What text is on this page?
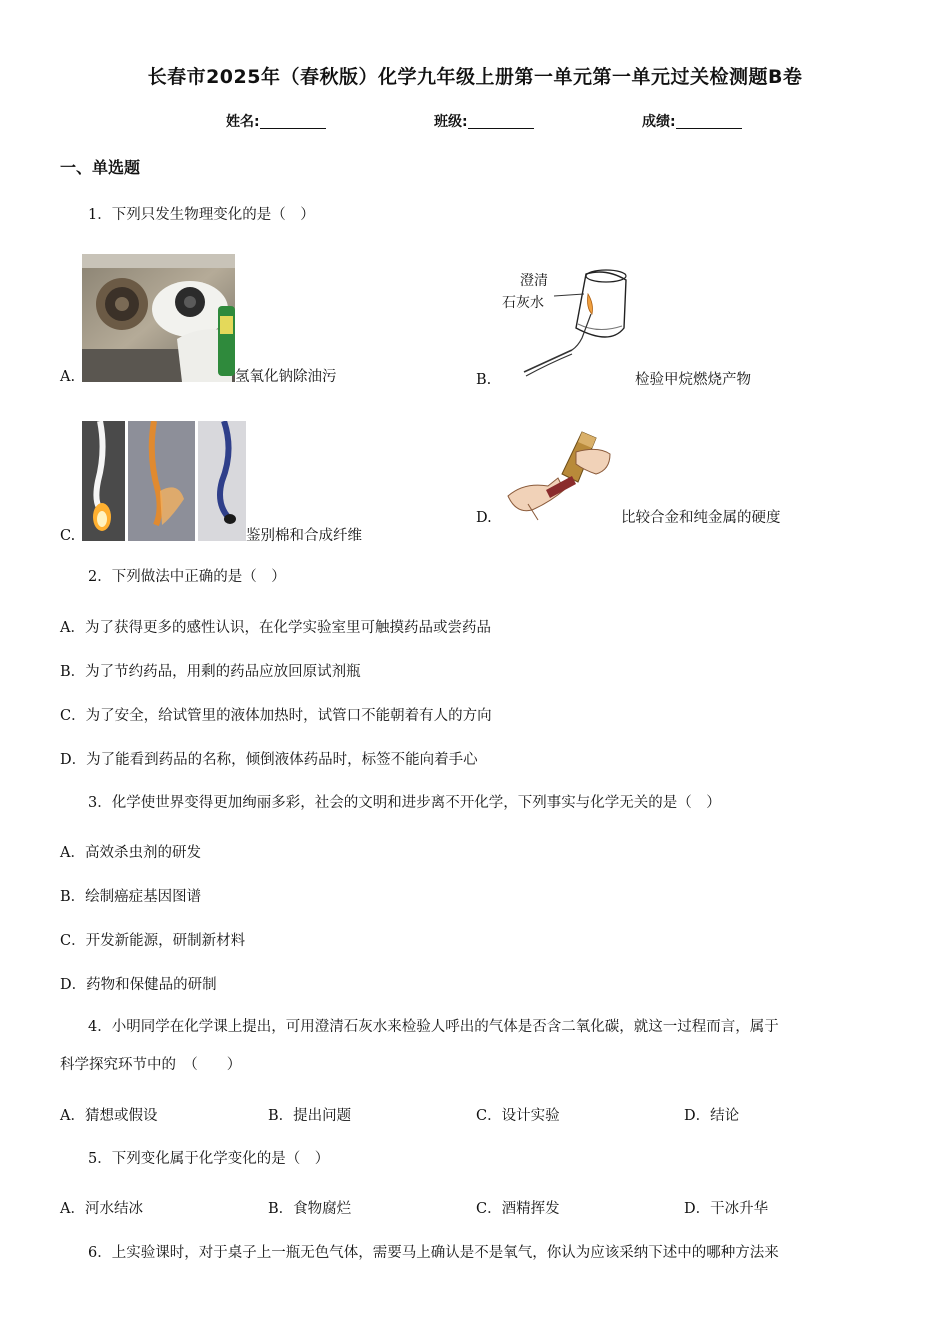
长春市2025年（春秋版）化学九年级上册第一单元第一单元过关检测题B卷
姓名:	班级:	成绩:
一、单选题
1．下列只发生物理变化的是（　）
A.	氢氧化钠除油污	B.
澄清
石灰水
检验甲烷燃烧产物
C.	鉴别棉和合成纤维
D.	比较合金和纯金属的硬度
2．下列做法中正确的是（　）
A．为了获得更多的感性认识，在化学实验室里可触摸药品或尝药品
B．为了节约药品，用剩的药品应放回原试剂瓶
C．为了安全，给试管里的液体加热时，试管口不能朝着有人的方向
D．为了能看到药品的名称，倾倒液体药品时，标签不能向着手心
3．化学使世界变得更加绚丽多彩，社会的文明和进步离不开化学，下列事实与化学无关的是（　）
A．高效杀虫剂的研发
B．绘制癌症基因图谱
C．开发新能源，研制新材料
D．药物和保健品的研制
4．小明同学在化学课上提出，可用澄清石灰水来检验人呼出的气体是否含二氧化碳，就这一过程而言，属于
科学探究环节中的　（　　）
A．猜想或假设	B．提出问题	C．设计实验	D．结论
5．下列变化属于化学变化的是（　）
A．河水结冰	B．食物腐烂	C．酒精挥发	D．干冰升华
6．上实验课时，对于桌子上一瓶无色气体，需要马上确认是不是氧气，你认为应该采纳下述中的哪种方法来
